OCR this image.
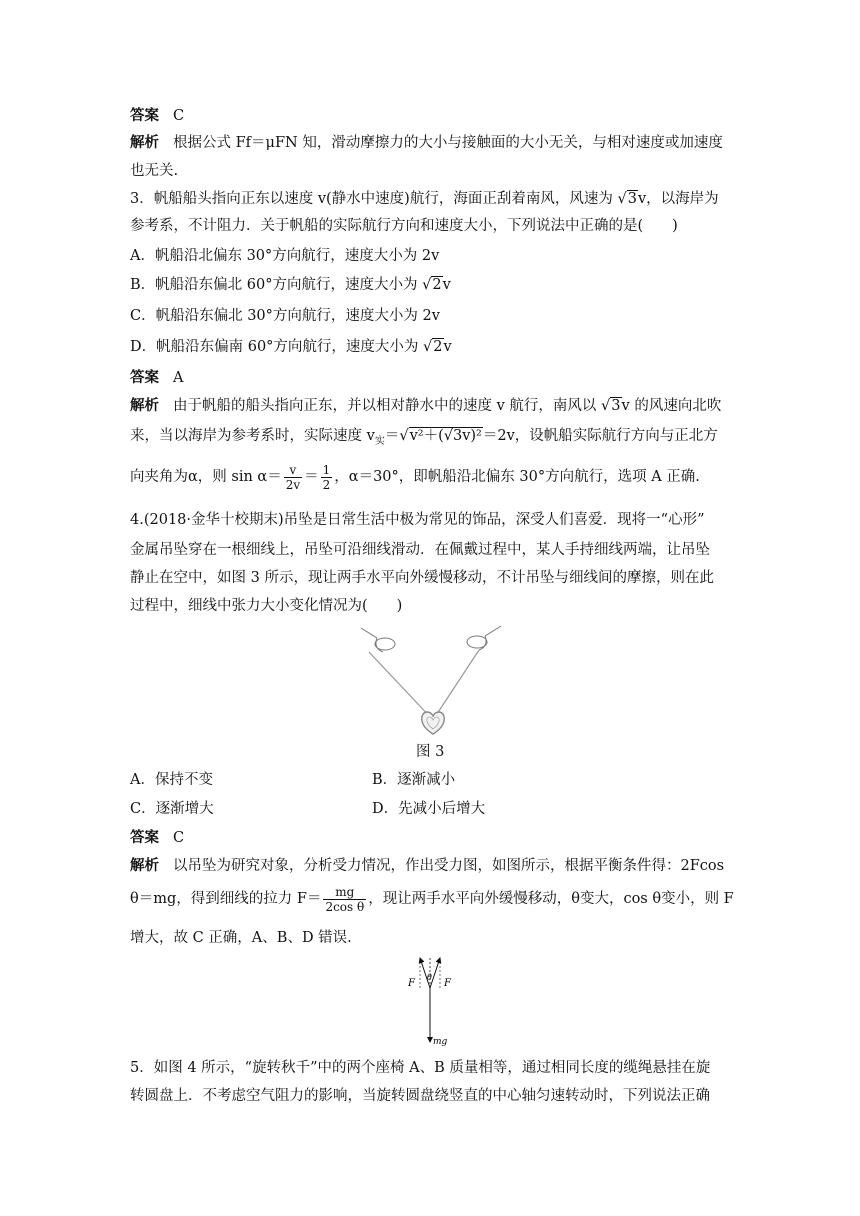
答案 C
解析 根据公式 Ff＝μFN 知，滑动摩擦力的大小与接触面的大小无关，与相对速度或加速度
也无关.
3．帆船船头指向正东以速度 v(静水中速度)航行，海面正刮着南风，风速为 √3v，以海岸为
参考系，不计阻力．关于帆船的实际航行方向和速度大小，下列说法中正确的是(　　)
A．帆船沿北偏东 30°方向航行，速度大小为 2v
B．帆船沿东偏北 60°方向航行，速度大小为 √2v
C．帆船沿东偏北 30°方向航行，速度大小为 2v
D．帆船沿东偏南 60°方向航行，速度大小为 √2v
答案 A
解析 由于帆船的船头指向正东，并以相对静水中的速度 v 航行，南风以 √3v 的风速向北吹
来，当以海岸为参考系时，实际速度 $v_实=√v^2+(√3v)^2=2v$，设帆船实际航行方向与正北方
向夹角为α，则 $\sin \alpha= \frac{v}{2v} = \frac{1}{2}$ ，α＝30°，即帆船沿北偏东 30°方向航行，选项 A 正确.
4.(2018·金华十校期末)吊坠是日常生活中极为常见的饰品，深受人们喜爱．现将一“心形”
金属吊坠穿在一根细线上，吊坠可沿细线滑动．在佩戴过程中，某人手持细线两端，让吊坠
静止在空中，如图 3 所示，现让两手水平向外缓慢移动，不计吊坠与细线间的摩擦，则在此
过程中，细线中张力大小变化情况为(　　)
图 3
A．保持不变	B．逐渐减小
C．逐渐增大	D．先减小后增大
答案 C
解析 以吊坠为研究对象，分析受力情况，作出受力图，如图所示，根据平衡条件得：2Fcos
θ＝mg，得到细线的拉力 $F= \frac{mg}{\text{2cos θ}}$ ，现让两手水平向外缓慢移动，θ变大，cos θ变小，则 F
增大，故 C 正确，A、B、D 错误.
F	F
θ
mg
5．如图 4 所示，“旋转秋千”中的两个座椅 A、B 质量相等，通过相同长度的缆绳悬挂在旋
转圆盘上．不考虑空气阻力的影响，当旋转圆盘绕竖直的中心轴匀速转动时，下列说法正确
